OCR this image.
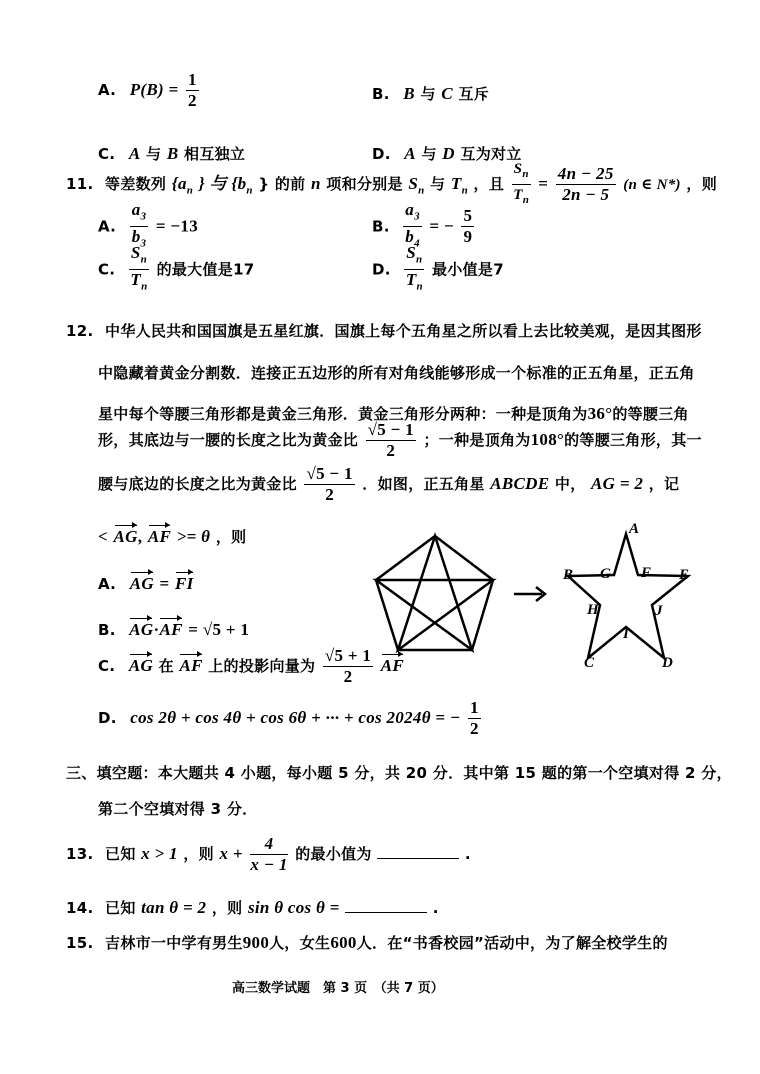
A. $P(B) = \frac{1}{2}$	B. B 与 C 互斥
C. A 与 B 相互独立	D. A 与 D 互为对立
11. 等差数列 {$a_n$ } 与 {$b_n$ } 的前 n 项和分别是 $S_n$ 与 $T_n$ ，且 $\frac{S_n}{T_n} = \frac{4n - 25}{2n - 5} (n$ ∈ N*) ，则
A. $\frac{a_3}{b_3} = -13$	B. $\frac{a_3}{b_4}$ = − $\frac{5}{9}$
C. $\frac{S_n}{T_n}$ 的最大值是17	D. $\frac{S_n}{T_n}$ 最小值是7
12. 中华人民共和国国旗是五星红旗．国旗上每个五角星之所以看上去比较美观，是因其图形
中隐藏着黄金分割数．连接正五边形的所有对角线能够形成一个标准的正五角星，正五角
星中每个等腰三角形都是黄金三角形．黄金三角形分两种：一种是顶角为36°的等腰三角
形，其底边与一腰的长度之比为黄金比 $\frac{√5 - 1}{2}$ ；一种是顶角为108°的等腰三角形，其一
腰与底边的长度之比为黄金比 $\frac{√5 - 1}{2}$ ．如图，正五角星 ABCDE 中， AG = 2 ，记
< AG, AF >= θ ，则
A. AG = FI
B. AG·AF = √5 + 1
C. AG 在 AF 上的投影向量为 $\frac{√5 + 1}{2}$ AF
D. cos 2θ + cos 4θ + cos 6θ + ··· + cos 2024θ = − $\frac{1}{2}$
A
B G F E
H	J
I
C	D
三、填空题：本大题共 4 小题，每小题 5 分，共 20 分．其中第 15 题的第一个空填对得 2 分，
第二个空填对得 3 分．
13. 已知 x > 1 ，则 $x + \frac{4}{x - 1}$ 的最小值为	.
14. 已知 tan θ = 2 ，则 sin θ cos θ =	.
15. 吉林市一中学有男生900人，女生600人．在“书香校园”活动中，为了解全校学生的
高三数学试题　第 3 页　（共 7 页）
